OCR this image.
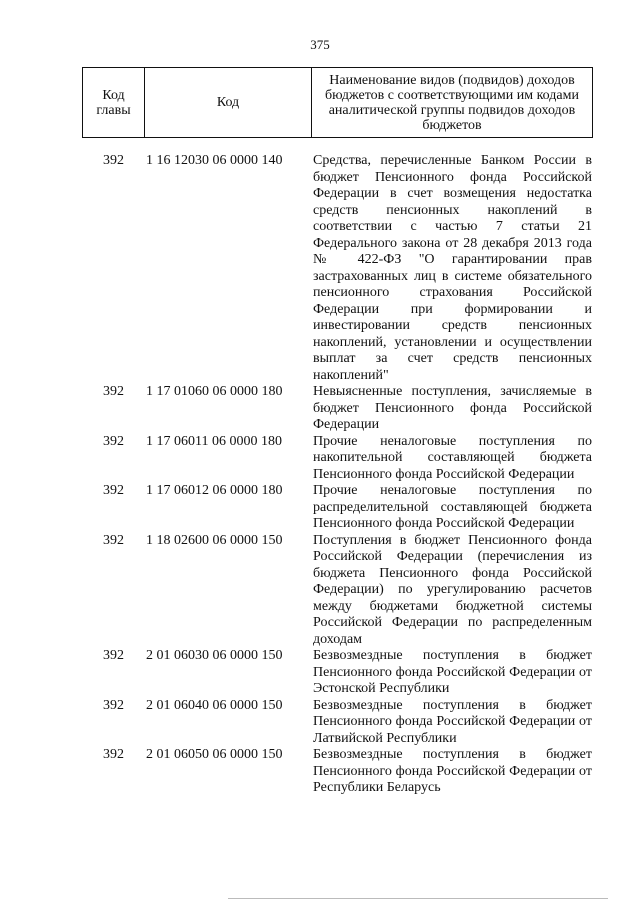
375
Код главы	Код	Наименование видов (подвидов) доходов бюджетов с соответствующими им кодами аналитической группы подвидов доходов бюджетов
392	1 16 12030 06 0000 140	Средства, перечисленные Банком России в бюджет Пенсионного фонда Российской Федерации в счет возмещения недостатка средств пенсионных накоплений в соответствии с частью 7 статьи 21 Федерального закона от 28 декабря 2013 года № 422-ФЗ "О гарантировании прав застрахованных лиц в системе обязательного пенсионного страхования Российской Федерации при формировании и инвестировании средств пенсионных накоплений, установлении и осуществлении выплат за счет средств пенсионных накоплений"
392	1 17 01060 06 0000 180	Невыясненные поступления, зачисляемые в бюджет Пенсионного фонда Российской Федерации
392	1 17 06011 06 0000 180	Прочие неналоговые поступления по накопительной составляющей бюджета Пенсионного фонда Российской Федерации
392	1 17 06012 06 0000 180	Прочие неналоговые поступления по распределительной составляющей бюджета Пенсионного фонда Российской Федерации
392	1 18 02600 06 0000 150	Поступления в бюджет Пенсионного фонда Российской Федерации (перечисления из бюджета Пенсионного фонда Российской Федерации) по урегулированию расчетов между бюджетами бюджетной системы Российской Федерации по распределенным доходам
392	2 01 06030 06 0000 150	Безвозмездные поступления в бюджет Пенсионного фонда Российской Федерации от Эстонской Республики
392	2 01 06040 06 0000 150	Безвозмездные поступления в бюджет Пенсионного фонда Российской Федерации от Латвийской Республики
392	2 01 06050 06 0000 150	Безвозмездные поступления в бюджет Пенсионного фонда Российской Федерации от Республики Беларусь
